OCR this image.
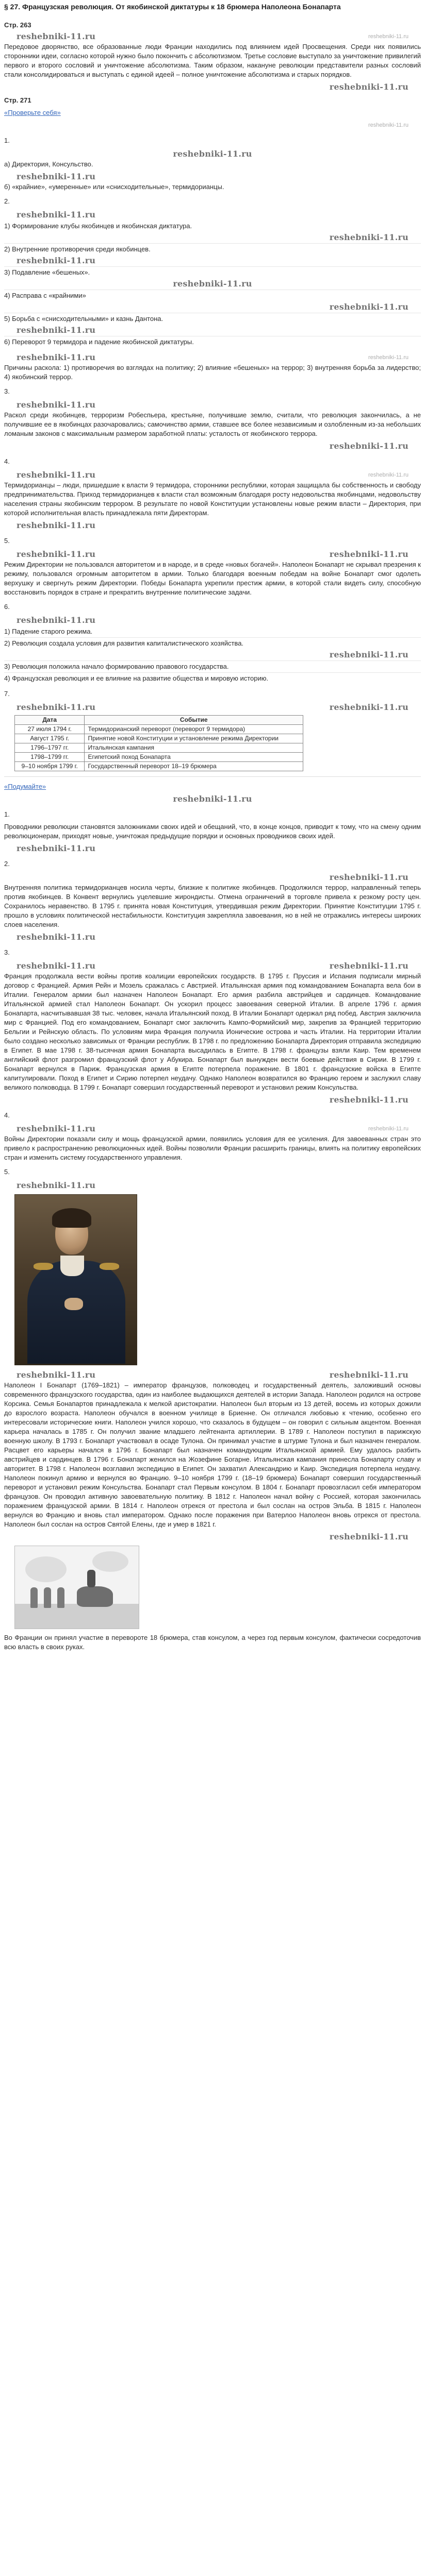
§ 27. Французская революция. От якобинской диктатуры к 18 брюмера Наполеона Бонапарта
Стр. 263
reshebniki-11.ru	reshebniki-11.ru

Передовое дворянство, все образованные люди Франции находились под влиянием идей Просвещения. Среди них появились сторонники идеи, согласно которой нужно было покончить с абсолютизмом. Третье сословие выступало за уничтожение привилегий первого и второго сословий и уничтожение абсолютизма. Таким образом, накануне революции представители разных сословий стали консолидироваться и выступать с единой идеей – полное уничтожение абсолютизма и старых порядков.

reshebniki-11.ru
Стр. 271
«Проверьте себя»
reshebniki-11.ru
1.
reshebniki-11.ru

а) Директория, Консульство.

reshebniki-11.ru

б) «крайние», «умеренные» или «снисходительные», термидорианцы.

2.
reshebniki-11.ru

1) Формирование клубы якобинцев и якобинская диктатура.

reshebniki-11.ru

2) Внутренние противоречия среди якобинцев.

reshebniki-11.ru

3) Подавление «бешеных».

reshebniki-11.ru

4) Расправа с «крайними»

reshebniki-11.ru

5) Борьба с «снисходительными» и казнь Дантона.

reshebniki-11.ru

6) Переворот 9 термидора и падение якобинской диктатуры.

reshebniki-11.ru	reshebniki-11.ru

Причины раскола: 1) противоречия во взглядах на политику; 2) влияние «бешеных» на террор; 3) внутренняя борьба за лидерство; 4) якобинский террор.

3.
reshebniki-11.ru

Раскол среди якобинцев, терроризм Робеспьера, крестьяне, получившие землю, считали, что революция закончилась, а не получившие ее в якобинцах разочаровались; самочинство армии, ставшее все более независимым и озлобленным из-за небольших ломаным законов с максимальным размером заработной платы: усталость от якобинского террора.

reshebniki-11.ru
4.
reshebniki-11.ru	reshebniki-11.ru

Термидорианцы – люди, пришедшие к власти 9 термидора, сторонники республики, которая защищала бы собственность и свободу предпринимательства. Приход термидорианцев к власти стал возможным благодаря росту недовольства якобинцами, недовольству населения страны якобинским террором. В результате по новой Конституции установлены новые режим власти – Директория, при которой исполнительная власть принадлежала пяти Директорам.

reshebniki-11.ru
5.
reshebniki-11.ru	reshebniki-11.ru

Режим Директории не пользовался авторитетом и в народе, и в среде «новых богачей». Наполеон Бонапарт не скрывал презрения к режиму, пользовался огромным авторитетом в армии. Только благодаря военным победам на войне Бонапарт смог одолеть верхушку и свергнуть режим Директории. Победы Бонапарта укрепили престиж армии, в которой стали видеть силу, способную восстановить порядок в стране и прекратить внутренние политические задачи.

6.
reshebniki-11.ru

1) Падение старого режима.

2) Революция создала условия для развития капиталистического хозяйства.

reshebniki-11.ru

3) Революция положила начало формированию правового государства.

4) Французская революция и ее влияние на развитие общества и мировую историю.

7.
reshebniki-11.ru	reshebniki-11.ru
Дата	Событие
27 июля 1794 г.	Термидорианский переворот (переворот 9 термидора)
Август 1795 г.	Принятие новой Конституции и установление режима Директории
1796–1797 гг.	Итальянская кампания
1798–1799 гг.	Египетский поход Бонапарта
9–10 ноября 1799 г.	Государственный переворот 18–19 брюмера
«Подумайте»
reshebniki-11.ru
1.

Проводники революции становятся заложниками своих идей и обещаний, что, в конце концов, приводит к тому, что на смену одним революционерам, приходят новые, уничтожая предыдущие порядки и основных проводников своих идей.

reshebniki-11.ru
2.
reshebniki-11.ru

Внутренняя политика термидорианцев носила черты, близкие к политике якобинцев. Продолжился террор, направленный теперь против якобинцев. В Конвент вернулись уцелевшие жирондисты. Отмена ограничений в торговле привела к резкому росту цен. Сохранилось неравенство. В 1795 г. принята новая Конституция, утвердившая режим Директории. Принятие Конституции 1795 г. прошло в условиях политической нестабильности. Конституция закрепляла завоевания, но в ней не отражались интересы широких слоев населения.

reshebniki-11.ru
3.
reshebniki-11.ru	reshebniki-11.ru

Франция продолжала вести войны против коалиции европейских государств. В 1795 г. Пруссия и Испания подписали мирный договор с Францией. Армия Рейн и Мозель сражалась с Австрией. Итальянская армия под командованием Бонапарта вела бои в Италии. Генералом армии был назначен Наполеон Бонапарт. Его армия разбила австрийцев и сардинцев. Командование Итальянской армией стал Наполеон Бонапарт. Он ускорил процесс завоевания северной Италии. В апреле 1796 г. армия Бонапарта, насчитывавшая 38 тыс. человек, начала Итальянский поход. В Италии Бонапарт одержал ряд побед. Австрия заключила мир с Францией. Под его командованием, Бонапарт смог заключить Кампо-Формийский мир, закрепив за Францией территорию Бельгии и Рейнскую область. По условиям мира Франция получила Ионические острова и часть Италии. На территории Италии было создано несколько зависимых от Франции республик. В 1798 г. по предложению Бонапарта Директория отправила экспедицию в Египет. В мае 1798 г. 38-тысячная армия Бонапарта высадилась в Египте. В 1798 г. французы взяли Каир. Тем временем английский флот разгромил французский флот у Абукира. Бонапарт был вынужден вести боевые действия в Сирии. В 1799 г. Бонапарт вернулся в Париж. Французская армия в Египте потерпела поражение. В 1801 г. французские войска в Египте капитулировали. Поход в Египет и Сирию потерпел неудачу. Однако Наполеон возвратился во Францию героем и заслужил славу великого полководца. В 1799 г. Бонапарт совершил государственный переворот и установил режим Консульства.

reshebniki-11.ru
4.
reshebniki-11.ru	reshebniki-11.ru

Войны Директории показали силу и мощь французской армии, появились условия для ее усиления. Для завоеванных стран это привело к распространению революционных идей. Войны позволили Франции расширить границы, влиять на политику европейских стран и изменить систему государственного управления.

5.
reshebniki-11.ru
reshebniki-11.ru	reshebniki-11.ru

Наполеон I Бонапарт (1769–1821) – император французов, полководец и государственный деятель, заложивший основы современного французского государства, один из наиболее выдающихся деятелей в истории Запада. Наполеон родился на острове Корсика. Семья Бонапартов принадлежала к мелкой аристократии. Наполеон был вторым из 13 детей, восемь из которых дожили до взрослого возраста. Наполеон обучался в военном училище в Бриенне. Он отличался любовью к чтению, особенно его интересовали исторические книги. Наполеон учился хорошо, что сказалось в будущем – он говорил с сильным акцентом. Военная карьера началась в 1785 г. Он получил звание младшего лейтенанта артиллерии. В 1789 г. Наполеон поступил в парижскую военную школу. В 1793 г. Бонапарт участвовал в осаде Тулона. Он принимал участие в штурме Тулона и был назначен генералом. Расцвет его карьеры начался в 1796 г. Бонапарт был назначен командующим Итальянской армией. Ему удалось разбить австрийцев и сардинцев. В 1796 г. Бонапарт женился на Жозефине Богарне. Итальянская кампания принесла Бонапарту славу и авторитет. В 1798 г. Наполеон возглавил экспедицию в Египет. Он захватил Александрию и Каир. Экспедиция потерпела неудачу. Наполеон покинул армию и вернулся во Францию. 9–10 ноября 1799 г. (18–19 брюмера) Бонапарт совершил государственный переворот и установил режим Консульства. Бонапарт стал Первым консулом. В 1804 г. Бонапарт провозгласил себя императором французов. Он проводил активную завоевательную политику. В 1812 г. Наполеон начал войну с Россией, которая закончилась поражением французской армии. В 1814 г. Наполеон отрекся от престола и был сослан на остров Эльба. В 1815 г. Наполеон вернулся во Францию и вновь стал императором. Однако после поражения при Ватерлоо Наполеон вновь отрекся от престола. Наполеон был сослан на остров Святой Елены, где и умер в 1821 г.

reshebniki-11.ru

Во Франции он принял участие в перевороте 18 брюмера, став консулом, а через год первым консулом, фактически сосредоточив всю власть в своих руках.
